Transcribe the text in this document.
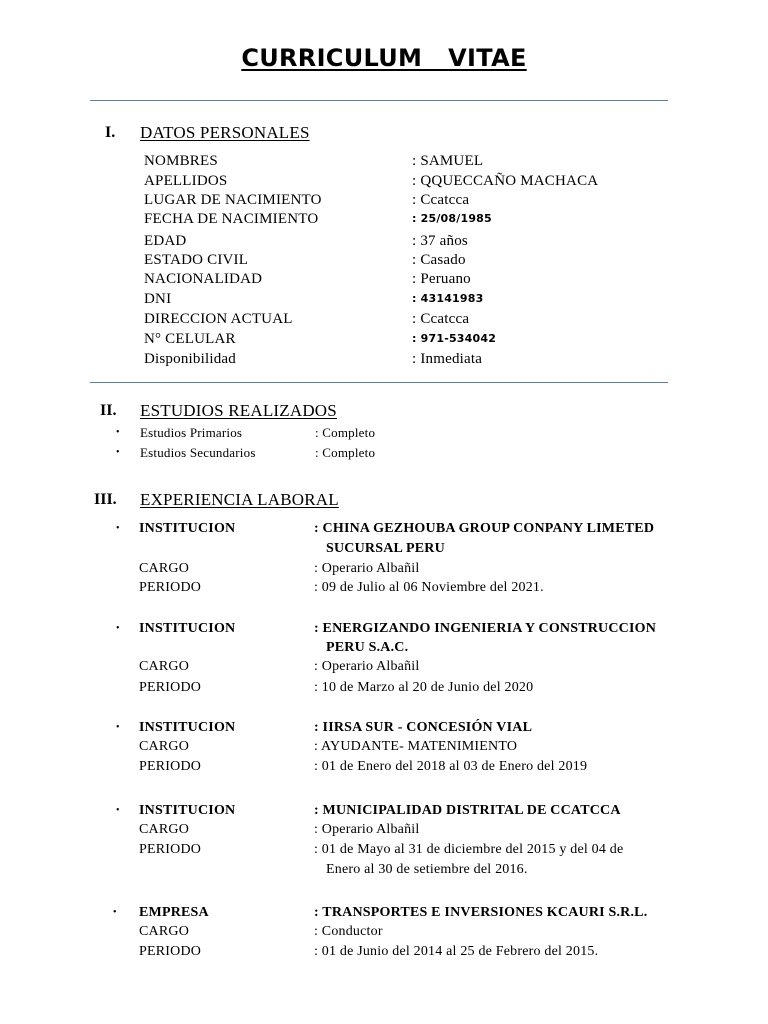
CURRICULUM   VITAE
I. DATOS PERSONALES
NOMBRES	: SAMUEL
APELLIDOS	: QQUECCAÑO MACHACA
LUGAR DE NACIMIENTO	: Ccatcca
FECHA DE NACIMIENTO	: 25/08/1985
EDAD	: 37 años
ESTADO CIVIL	: Casado
NACIONALIDAD	: Peruano
DNI	: 43141983
DIRECCION ACTUAL	: Ccatcca
N° CELULAR	: 971-534042
Disponibilidad	: Inmediata
II. ESTUDIOS REALIZADOS
• Estudios Primarios	: Completo
• Estudios Secundarios	: Completo
III. EXPERIENCIA LABORAL
• INSTITUCION	: CHINA GEZHOUBA GROUP CONPANY LIMETED
SUCURSAL PERU
CARGO	: Operario Albañil
PERIODO	: 09 de Julio al 06 Noviembre del 2021.
• INSTITUCION	: ENERGIZANDO INGENIERIA Y CONSTRUCCION
PERU S.A.C.
CARGO	: Operario Albañil
PERIODO	: 10 de Marzo al 20 de Junio del 2020
• INSTITUCION	: IIRSA SUR - CONCESIÓN VIAL
CARGO	: AYUDANTE- MATENIMIENTO
PERIODO	: 01 de Enero del 2018 al 03 de Enero del 2019
• INSTITUCION	: MUNICIPALIDAD DISTRITAL DE CCATCCA
CARGO	: Operario Albañil
PERIODO	: 01 de Mayo al 31 de diciembre del 2015 y del 04 de
Enero al 30 de setiembre del 2016.
• EMPRESA	: TRANSPORTES E INVERSIONES KCAURI S.R.L.
CARGO	: Conductor
PERIODO	: 01 de Junio del 2014 al 25 de Febrero del 2015.
